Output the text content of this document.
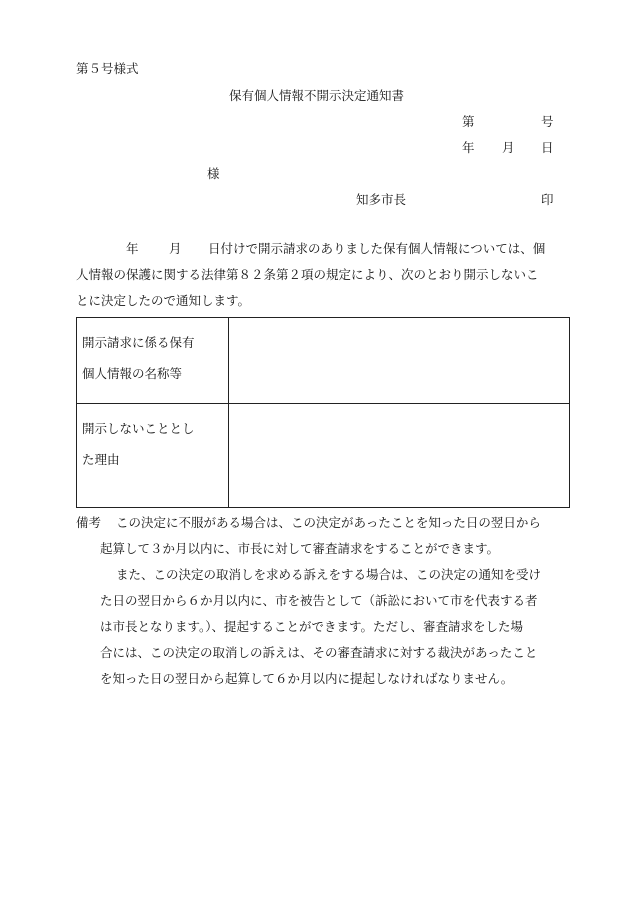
第５号様式
保有個人情報不開示決定通知書
第	号
年 月 日
様
知多市長	印
年 月 日付けで開示請求のありました保有個人情報については、個
人情報の保護に関する法律第８２条第２項の規定により、次のとおり開示しないこ
とに決定したので通知します。
開示請求に係る保有
個人情報の名称等	

開示しないこととし
た理由	

備考 この決定に不服がある場合は、この決定があったことを知った日の翌日から
起算して３か月以内に、市長に対して審査請求をすることができます。
また、この決定の取消しを求める訴えをする場合は、この決定の通知を受け
た日の翌日から６か月以内に、市を被告として（訴訟において市を代表する者
は市長となります。）、提起することができます。ただし、審査請求をした場
合には、この決定の取消しの訴えは、その審査請求に対する裁決があったこと
を知った日の翌日から起算して６か月以内に提起しなければなりません。
